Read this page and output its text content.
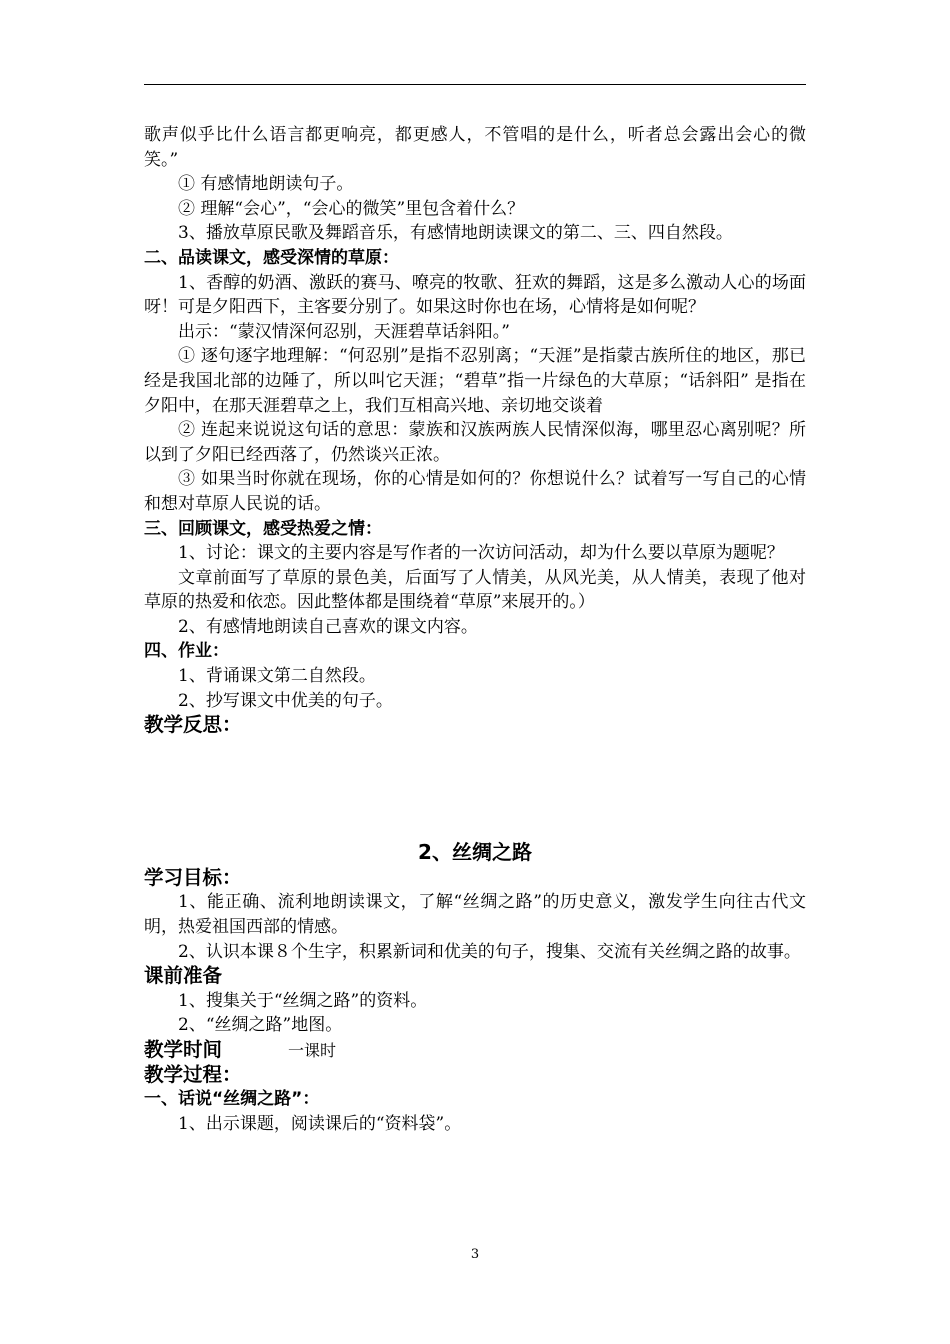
歌声似乎比什么语言都更响亮，都更感人，不管唱的是什么，听者总会露出会心的微笑。”

① 有感情地朗读句子。

② 理解“会心”，“会心的微笑”里包含着什么？

3、播放草原民歌及舞蹈音乐，有感情地朗读课文的第二、三、四自然段。

二、品读课文，感受深情的草原：

1、香醇的奶酒、激跃的赛马、嘹亮的牧歌、狂欢的舞蹈，这是多么激动人心的场面呀！可是夕阳西下，主客要分别了。如果这时你也在场，心情将是如何呢？

出示：“蒙汉情深何忍别，天涯碧草话斜阳。”

① 逐句逐字地理解：“何忍别”是指不忍别离；“天涯”是指蒙古族所住的地区，那已经是我国北部的边陲了，所以叫它天涯；“碧草”指一片绿色的大草原；“话斜阳” 是指在夕阳中，在那天涯碧草之上，我们互相高兴地、亲切地交谈着

② 连起来说说这句话的意思：蒙族和汉族两族人民情深似海，哪里忍心离别呢？所以到了夕阳已经西落了，仍然谈兴正浓。

③ 如果当时你就在现场，你的心情是如何的？你想说什么？试着写一写自己的心情和想对草原人民说的话。

三、回顾课文，感受热爱之情：

1、讨论：课文的主要内容是写作者的一次访问活动，却为什么要以草原为题呢？

文章前面写了草原的景色美，后面写了人情美，从风光美，从人情美，表现了他对草原的热爱和依恋。因此整体都是围绕着“草原”来展开的。）

2、有感情地朗读自己喜欢的课文内容。

四、作业：

1、背诵课文第二自然段。

2、抄写课文中优美的句子。

教学反思：

2、丝绸之路

学习目标：

1、能正确、流利地朗读课文，了解“丝绸之路”的历史意义，激发学生向往古代文明，热爱祖国西部的情感。

2、认识本课８个生字，积累新词和优美的句子，搜集、交流有关丝绸之路的故事。

课前准备

1、搜集关于“丝绸之路”的资料。

2、“丝绸之路”地图。

教学时间	一课时

教学过程：

一、话说“丝绸之路”：

1、出示课题，阅读课后的“资料袋”。

3
